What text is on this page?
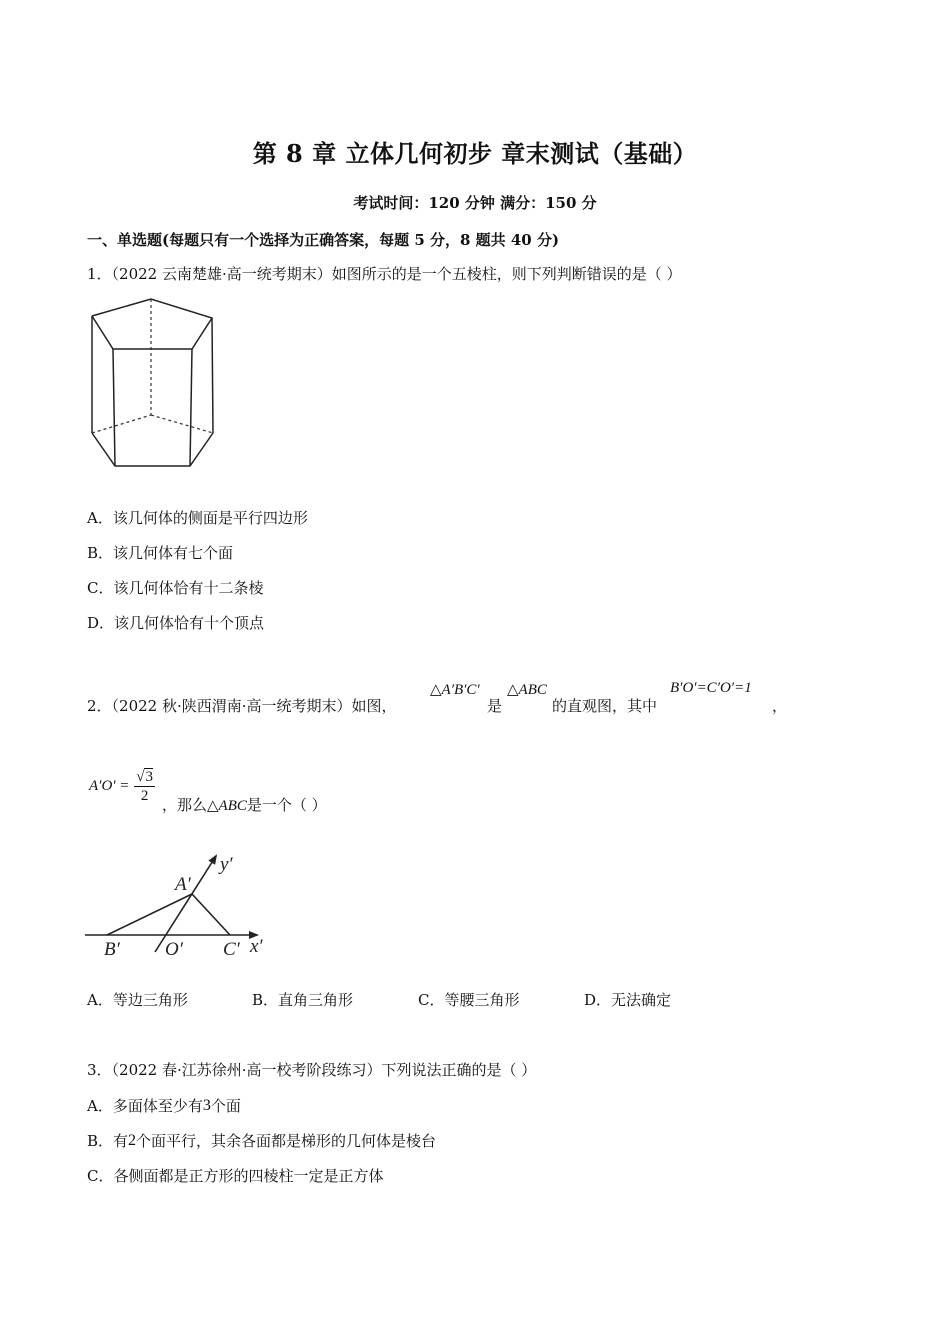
第 8 章 立体几何初步 章末测试（基础）
考试时间：120 分钟 满分：150 分
一、单选题(每题只有一个选择为正确答案，每题 5 分，8 题共 40 分)
1．（2022 云南楚雄·高一统考期末）如图所示的是一个五棱柱，则下列判断错误的是（ ）
A．该几何体的侧面是平行四边形
B．该几何体有七个面
C．该几何体恰有十二条棱
D．该几何体恰有十个顶点
2．（2022 秋·陕西渭南·高一统考期末）如图，
△A′B′C′
是
△ABC
的直观图，其中
B′O′=C′O′=1
，
$A'O' = \frac{√3}{2}$ ，那么△ABC是一个（ ）
A′
B′ O′ C′ x′
y′
A．等边三角形	B．直角三角形	C．等腰三角形	D．无法确定
3．（2022 春·江苏徐州·高一校考阶段练习）下列说法正确的是（ ）
A．多面体至少有3个面
B．有2个面平行，其余各面都是梯形的几何体是棱台
C．各侧面都是正方形的四棱柱一定是正方体
